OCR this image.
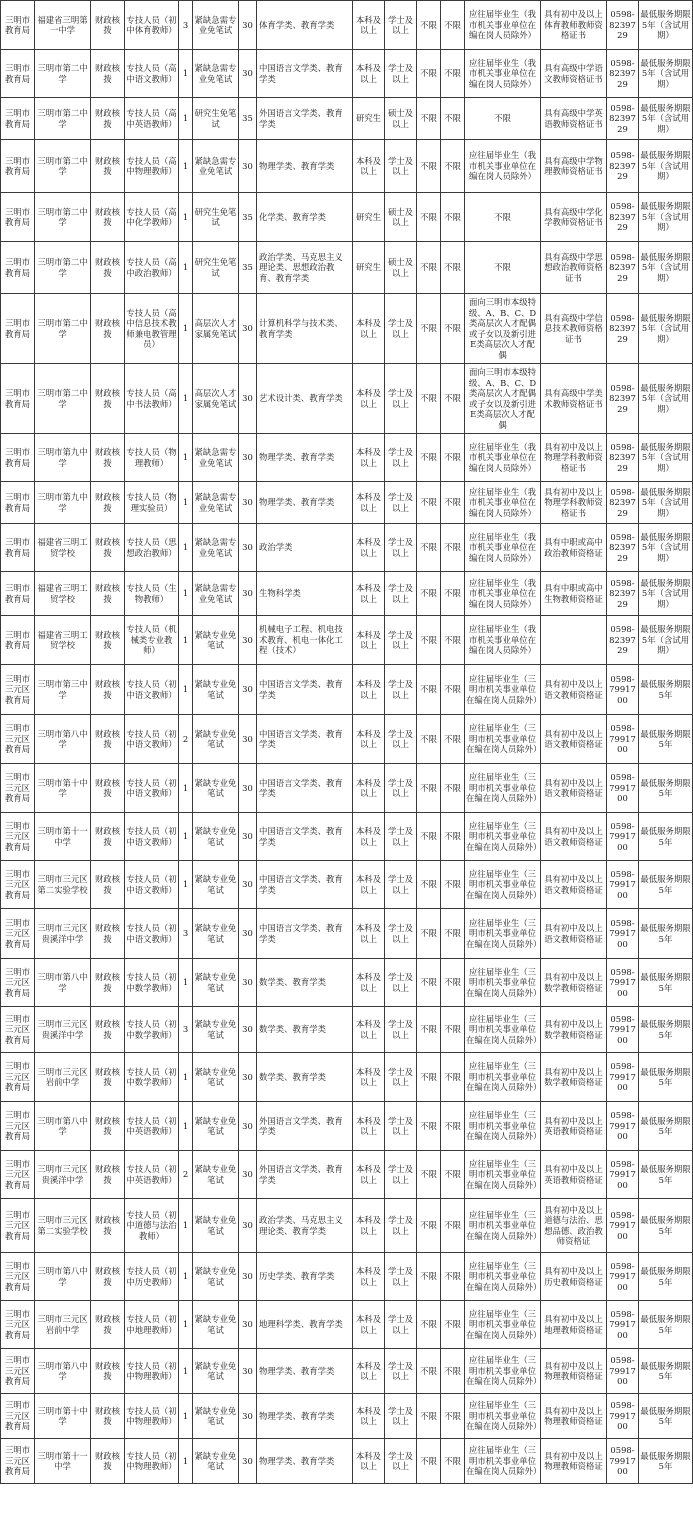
三明市教育局	福建省三明第一中学	财政核拨	专技人员（初中体育教师）	3	紧缺急需专业免笔试	30	体育学类、教育学类	本科及以上	学士及以上	不限	不限	应往届毕业生（我市机关事业单位在编在岗人员除外）	具有初中及以上体育教师教师资格证书	0598-8239729	最低服务期限5年（含试用期）
三明市教育局	三明市第二中学	财政核拨	专技人员（高中语文教师）	1	紧缺急需专业免笔试	30	中国语言文学类、教育学类	本科及以上	学士及以上	不限	不限	应往届毕业生（我市机关事业单位在编在岗人员除外）	具有高级中学语文教师资格证书	0598-8239729	最低服务期限5年（含试用期）
三明市教育局	三明市第二中学	财政核拨	专技人员（高中英语教师）	1	研究生免笔试	35	外国语言文学类、教育学类	研究生	硕士及以上	不限	不限	不限	具有高级中学英语教师资格证书	0598-8239729	最低服务期限5年（含试用期）
三明市教育局	三明市第二中学	财政核拨	专技人员（高中物理教师）	1	紧缺急需专业免笔试	30	物理学类、教育学类	本科及以上	学士及以上	不限	不限	应往届毕业生（我市机关事业单位在编在岗人员除外）	具有高级中学物理教师资格证书	0598-8239729	最低服务期限5年（含试用期）
三明市教育局	三明市第二中学	财政核拨	专技人员（高中化学教师）	1	研究生免笔试	35	化学类、教育学类	研究生	硕士及以上	不限	不限	不限	具有高级中学化学教师资格证书	0598-8239729	最低服务期限5年（含试用期）
三明市教育局	三明市第二中学	财政核拨	专技人员（高中政治教师）	1	研究生免笔试	35	政治学类、马克思主义理论类、思想政治教育、教育学类	研究生	硕士及以上	不限	不限	不限	具有高级中学思想政治教师资格证书	0598-8239729	最低服务期限5年（含试用期）
三明市教育局	三明市第二中学	财政核拨	专技人员（高中信息技术教师兼电教管理员）	1	高层次人才家属免笔试	30	计算机科学与技术类、教育学类	本科及以上	学士及以上	不限	不限	面向三明市本级特级、A、B、C、D类高层次人才配偶或子女以及新引进E类高层次人才配偶	具有高级中学信息技术教师资格证书	0598-8239729	最低服务期限5年（含试用期）
三明市教育局	三明市第二中学	财政核拨	专技人员（高中书法教师）	1	高层次人才家属免笔试	30	艺术设计类、教育学类	本科及以上	学士及以上	不限	不限	面向三明市本级特级、A、B、C、D类高层次人才配偶或子女以及新引进E类高层次人才配偶	具有高级中学美术教师资格证书	0598-8239729	最低服务期限5年（含试用期）
三明市教育局	三明市第九中学	财政核拨	专技人员（物理教师）	1	紧缺急需专业免笔试	30	物理学类、教育学类	本科及以上	学士及以上	不限	不限	应往届毕业生（我市机关事业单位在编在岗人员除外）	具有初中及以上物理学科教师资格证书	0598-8239729	最低服务期限5年（含试用期）
三明市教育局	三明市第九中学	财政核拨	专技人员（物理实验员）	1	紧缺急需专业免笔试	30	物理学类、教育学类	本科及以上	学士及以上	不限	不限	应往届毕业生（我市机关事业单位在编在岗人员除外）	具有初中及以上物理学科教师资格证书	0598-8239729	最低服务期限5年（含试用期）
三明市教育局	福建省三明工贸学校	财政核拨	专技人员（思想政治教师）	1	紧缺急需专业免笔试	30	政治学类	本科及以上	学士及以上	不限	不限	应往届毕业生（我市机关事业单位在编在岗人员除外）	具有中职或高中政治教师资格证	0598-8239729	最低服务期限5年（含试用期）
三明市教育局	福建省三明工贸学校	财政核拨	专技人员（生物教师）	1	紧缺急需专业免笔试	30	生物科学类	本科及以上	学士及以上	不限	不限	应往届毕业生（我市机关事业单位在编在岗人员除外）	具有中职或高中生物教师资格证	0598-8239729	最低服务期限5年（含试用期）
三明市教育局	福建省三明工贸学校	财政核拨	专技人员（机械类专业教师）	1	紧缺专业免笔试	30	机械电子工程、机电技术教育、机电一体化工程（技术）	本科及以上	学士及以上	不限	不限	应往届毕业生（我市机关事业单位在编在岗人员除外）		0598-8239729	最低服务期限5年（含试用期）
三明市三元区教育局	三明市第三中学	财政核拨	专技人员（初中语文教师）	1	紧缺专业免笔试	30	中国语言文学类、教育学类	本科及以上	学士及以上	不限	不限	应往届毕业生（三明市机关事业单位在编在岗人员除外）	具有初中及以上语文教师资格证	0598-7991700	最低服务期限5年
三明市三元区教育局	三明市第八中学	财政核拨	专技人员（初中语文教师）	2	紧缺专业免笔试	30	中国语言文学类、教育学类	本科及以上	学士及以上	不限	不限	应往届毕业生（三明市机关事业单位在编在岗人员除外）	具有初中及以上语文教师资格证	0598-7991700	最低服务期限5年
三明市三元区教育局	三明市第十中学	财政核拨	专技人员（初中语文教师）	1	紧缺专业免笔试	30	中国语言文学类、教育学类	本科及以上	学士及以上	不限	不限	应往届毕业生（三明市机关事业单位在编在岗人员除外）	具有初中及以上语文教师资格证	0598-7991700	最低服务期限5年
三明市三元区教育局	三明市第十一中学	财政核拨	专技人员（初中语文教师）	1	紧缺专业免笔试	30	中国语言文学类、教育学类	本科及以上	学士及以上	不限	不限	应往届毕业生（三明市机关事业单位在编在岗人员除外）	具有初中及以上语文教师资格证	0598-7991700	最低服务期限5年
三明市三元区教育局	三明市三元区第二实验学校	财政核拨	专技人员（初中语文教师）	1	紧缺专业免笔试	30	中国语言文学类、教育学类	本科及以上	学士及以上	不限	不限	应往届毕业生（三明市机关事业单位在编在岗人员除外）	具有初中及以上语文教师资格证	0598-7991700	最低服务期限5年
三明市三元区教育局	三明市三元区贵溪洋中学	财政核拨	专技人员（初中语文教师）	3	紧缺专业免笔试	30	中国语言文学类、教育学类	本科及以上	学士及以上	不限	不限	应往届毕业生（三明市机关事业单位在编在岗人员除外）	具有初中及以上语文教师资格证	0598-7991700	最低服务期限5年
三明市三元区教育局	三明市第八中学	财政核拨	专技人员（初中数学教师）	1	紧缺专业免笔试	30	数学类、教育学类	本科及以上	学士及以上	不限	不限	应往届毕业生（三明市机关事业单位在编在岗人员除外）	具有初中及以上数学教师资格证	0598-7991700	最低服务期限5年
三明市三元区教育局	三明市三元区贵溪洋中学	财政核拨	专技人员（初中数学教师）	3	紧缺专业免笔试	30	数学类、教育学类	本科及以上	学士及以上	不限	不限	应往届毕业生（三明市机关事业单位在编在岗人员除外）	具有初中及以上数学教师资格证	0598-7991700	最低服务期限5年
三明市三元区教育局	三明市三元区岩前中学	财政核拨	专技人员（初中数学教师）	1	紧缺专业免笔试	30	数学类、教育学类	本科及以上	学士及以上	不限	不限	应往届毕业生（三明市机关事业单位在编在岗人员除外）	具有初中及以上数学教师资格证	0598-7991700	最低服务期限5年
三明市三元区教育局	三明市第八中学	财政核拨	专技人员（初中英语教师）	1	紧缺专业免笔试	30	外国语言文学类、教育学类	本科及以上	学士及以上	不限	不限	应往届毕业生（三明市机关事业单位在编在岗人员除外）	具有初中及以上英语教师资格证	0598-7991700	最低服务期限5年
三明市三元区教育局	三明市三元区贵溪洋中学	财政核拨	专技人员（初中英语教师）	2	紧缺专业免笔试	30	外国语言文学类、教育学类	本科及以上	学士及以上	不限	不限	应往届毕业生（三明市机关事业单位在编在岗人员除外）	具有初中及以上英语教师资格证	0598-7991700	最低服务期限5年
三明市三元区教育局	三明市三元区第二实验学校	财政核拨	专技人员（初中道德与法治教师）	1	紧缺专业免笔试	30	政治学类、马克思主义理论类、教育学类	本科及以上	学士及以上	不限	不限	应往届毕业生（三明市机关事业单位在编在岗人员除外）	具有初中及以上道德与法治、思想品德、政治教师资格证	0598-7991700	最低服务期限5年
三明市三元区教育局	三明市第八中学	财政核拨	专技人员（初中历史教师）	1	紧缺专业免笔试	30	历史学类、教育学类	本科及以上	学士及以上	不限	不限	应往届毕业生（三明市机关事业单位在编在岗人员除外）	具有初中及以上历史教师资格证	0598-7991700	最低服务期限5年
三明市三元区教育局	三明市三元区岩前中学	财政核拨	专技人员（初中地理教师）	1	紧缺专业免笔试	30	地理科学类、教育学类	本科及以上	学士及以上	不限	不限	应往届毕业生（三明市机关事业单位在编在岗人员除外）	具有初中及以上地理教师资格证	0598-7991700	最低服务期限5年
三明市三元区教育局	三明市第八中学	财政核拨	专技人员（初中物理教师）	1	紧缺专业免笔试	30	物理学类、教育学类	本科及以上	学士及以上	不限	不限	应往届毕业生（三明市机关事业单位在编在岗人员除外）	具有初中及以上物理教师资格证	0598-7991700	最低服务期限5年
三明市三元区教育局	三明市第十中学	财政核拨	专技人员（初中物理教师）	1	紧缺专业免笔试	30	物理学类、教育学类	本科及以上	学士及以上	不限	不限	应往届毕业生（三明市机关事业单位在编在岗人员除外）	具有初中及以上物理教师资格证	0598-7991700	最低服务期限5年
三明市三元区教育局	三明市第十一中学	财政核拨	专技人员（初中物理教师）	1	紧缺专业免笔试	30	物理学类、教育学类	本科及以上	学士及以上	不限	不限	应往届毕业生（三明市机关事业单位在编在岗人员除外）	具有初中及以上物理教师资格证	0598-7991700	最低服务期限5年
